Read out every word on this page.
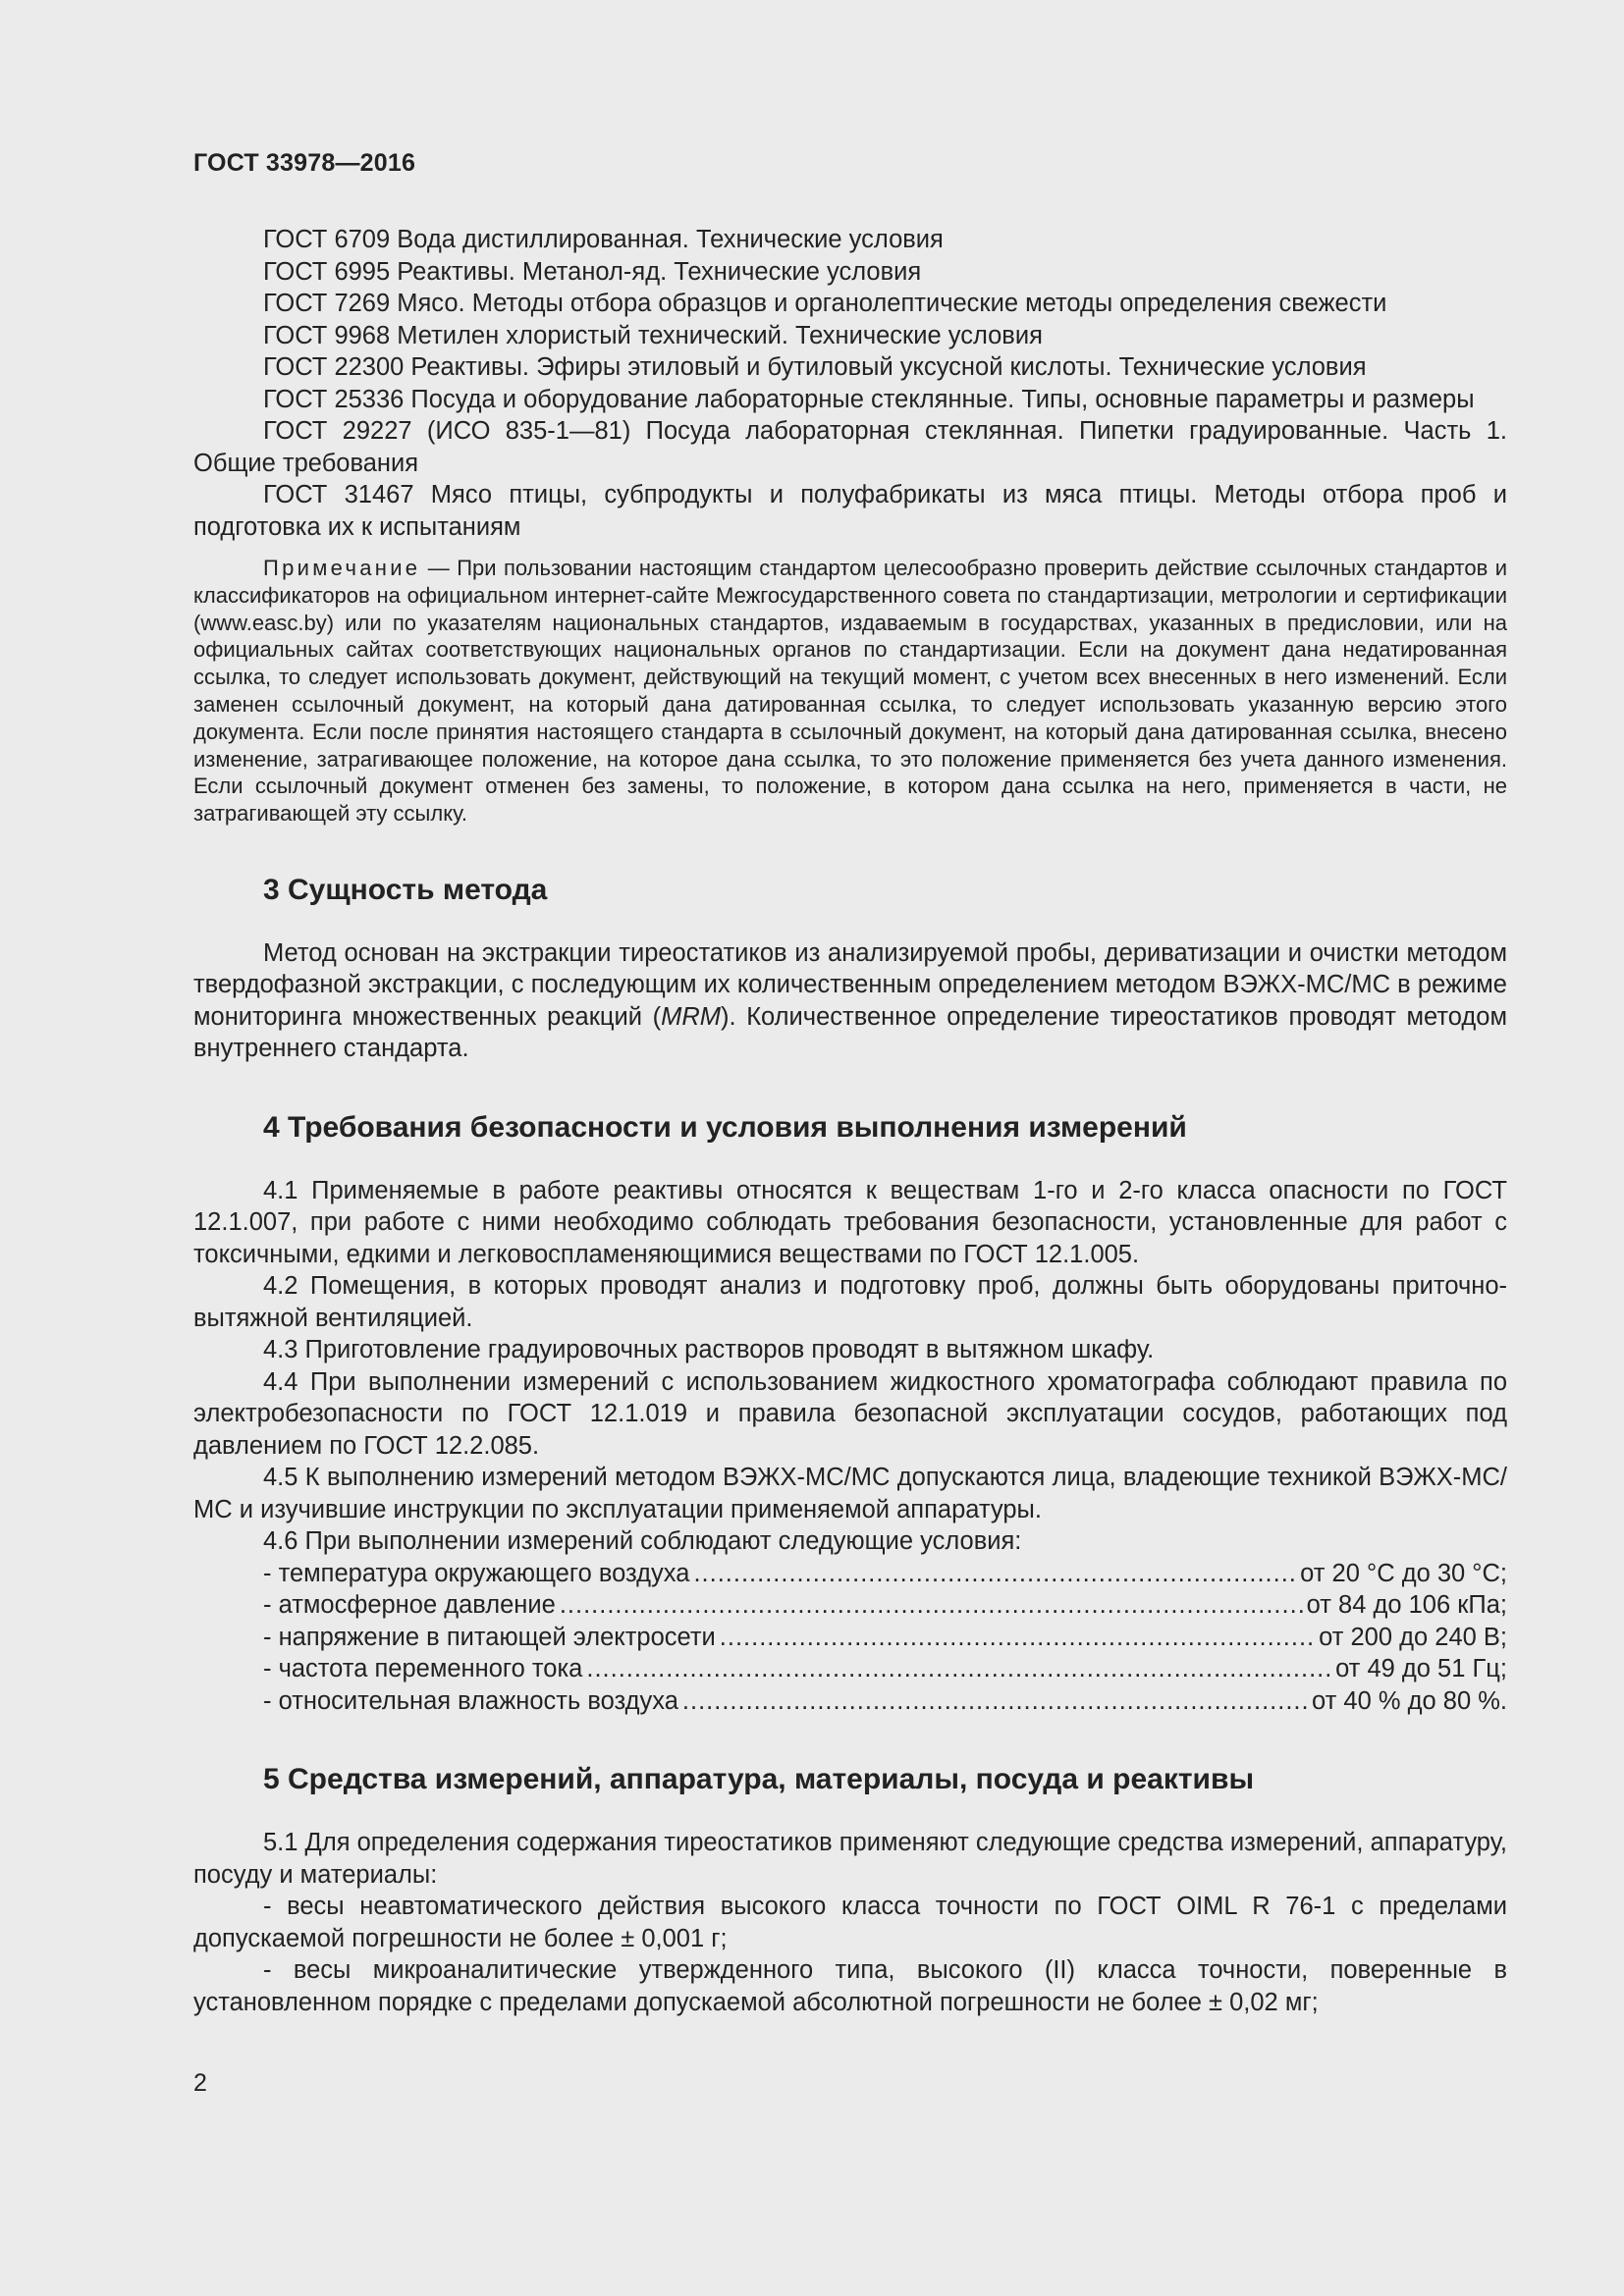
ГОСТ 33978—2016

ГОСТ 6709 Вода дистиллированная. Технические условия

ГОСТ 6995 Реактивы. Метанол-яд. Технические условия

ГОСТ 7269 Мясо. Методы отбора образцов и органолептические методы определения свежести

ГОСТ 9968 Метилен хлористый технический. Технические условия

ГОСТ 22300 Реактивы. Эфиры этиловый и бутиловый уксусной кислоты. Технические условия

ГОСТ 25336 Посуда и оборудование лабораторные стеклянные. Типы, основные параметры и размеры

ГОСТ 29227 (ИСО 835-1—81) Посуда лабораторная стеклянная. Пипетки градуированные. Часть 1. Общие требования

ГОСТ 31467 Мясо птицы, субпродукты и полуфабрикаты из мяса птицы. Методы отбора проб и подготовка их к испытаниям

Примечание — При пользовании настоящим стандартом целесообразно проверить действие ссылочных стандартов и классификаторов на официальном интернет-сайте Межгосударственного совета по стандартизации, метрологии и сертификации (www.easc.by) или по указателям национальных стандартов, издаваемым в государствах, указанных в предисловии, или на официальных сайтах соответствующих национальных органов по стандартизации. Если на документ дана недатированная ссылка, то следует использовать документ, действующий на текущий момент, с учетом всех внесенных в него изменений. Если заменен ссылочный документ, на который дана датированная ссылка, то следует использовать указанную версию этого документа. Если после принятия настоящего стандарта в ссылочный документ, на который дана датированная ссылка, внесено изменение, затрагивающее положение, на которое дана ссылка, то это положение применяется без учета данного изменения. Если ссылочный документ отменен без замены, то положение, в котором дана ссылка на него, применяется в части, не затрагивающей эту ссылку.

3 Сущность метода

Метод основан на экстракции тиреостатиков из анализируемой пробы, дериватизации и очистки методом твердофазной экстракции, с последующим их количественным определением методом ВЭЖХ-МС/МС в режиме мониторинга множественных реакций (MRM). Количественное определение тиреостатиков проводят методом внутреннего стандарта.

4 Требования безопасности и условия выполнения измерений

4.1 Применяемые в работе реактивы относятся к веществам 1-го и 2-го класса опасности по ГОСТ 12.1.007, при работе с ними необходимо соблюдать требования безопасности, установленные для работ с токсичными, едкими и легковоспламеняющимися веществами по ГОСТ 12.1.005.

4.2 Помещения, в которых проводят анализ и подготовку проб, должны быть оборудованы приточно-вытяжной вентиляцией.

4.3 Приготовление градуировочных растворов проводят в вытяжном шкафу.

4.4 При выполнении измерений с использованием жидкостного хроматографа соблюдают правила по электробезопасности по ГОСТ 12.1.019 и правила безопасной эксплуатации сосудов, работающих под давлением по ГОСТ 12.2.085.

4.5 К выполнению измерений методом ВЭЖХ-МС/МС допускаются лица, владеющие техникой ВЭЖХ-МС/МС и изучившие инструкции по эксплуатации применяемой аппаратуры.

4.6 При выполнении измерений соблюдают следующие условия:

- температура окружающего воздуха .....	от 20 °С до 30 °С;
- атмосферное давление .....	от 84 до 106 кПа;
- напряжение в питающей электросети .....	от 200 до 240 В;
- частота переменного тока .....	от 49 до 51 Гц;
- относительная влажность воздуха .....	от 40 % до 80 %.
5 Средства измерений, аппаратура, материалы, посуда и реактивы

5.1 Для определения содержания тиреостатиков применяют следующие средства измерений, аппаратуру, посуду и материалы:

- весы неавтоматического действия высокого класса точности по ГОСТ OIML R 76-1 с пределами допускаемой погрешности не более ± 0,001 г;

- весы микроаналитические утвержденного типа, высокого (II) класса точности, поверенные в установленном порядке с пределами допускаемой абсолютной погрешности не более ± 0,02 мг;

2
